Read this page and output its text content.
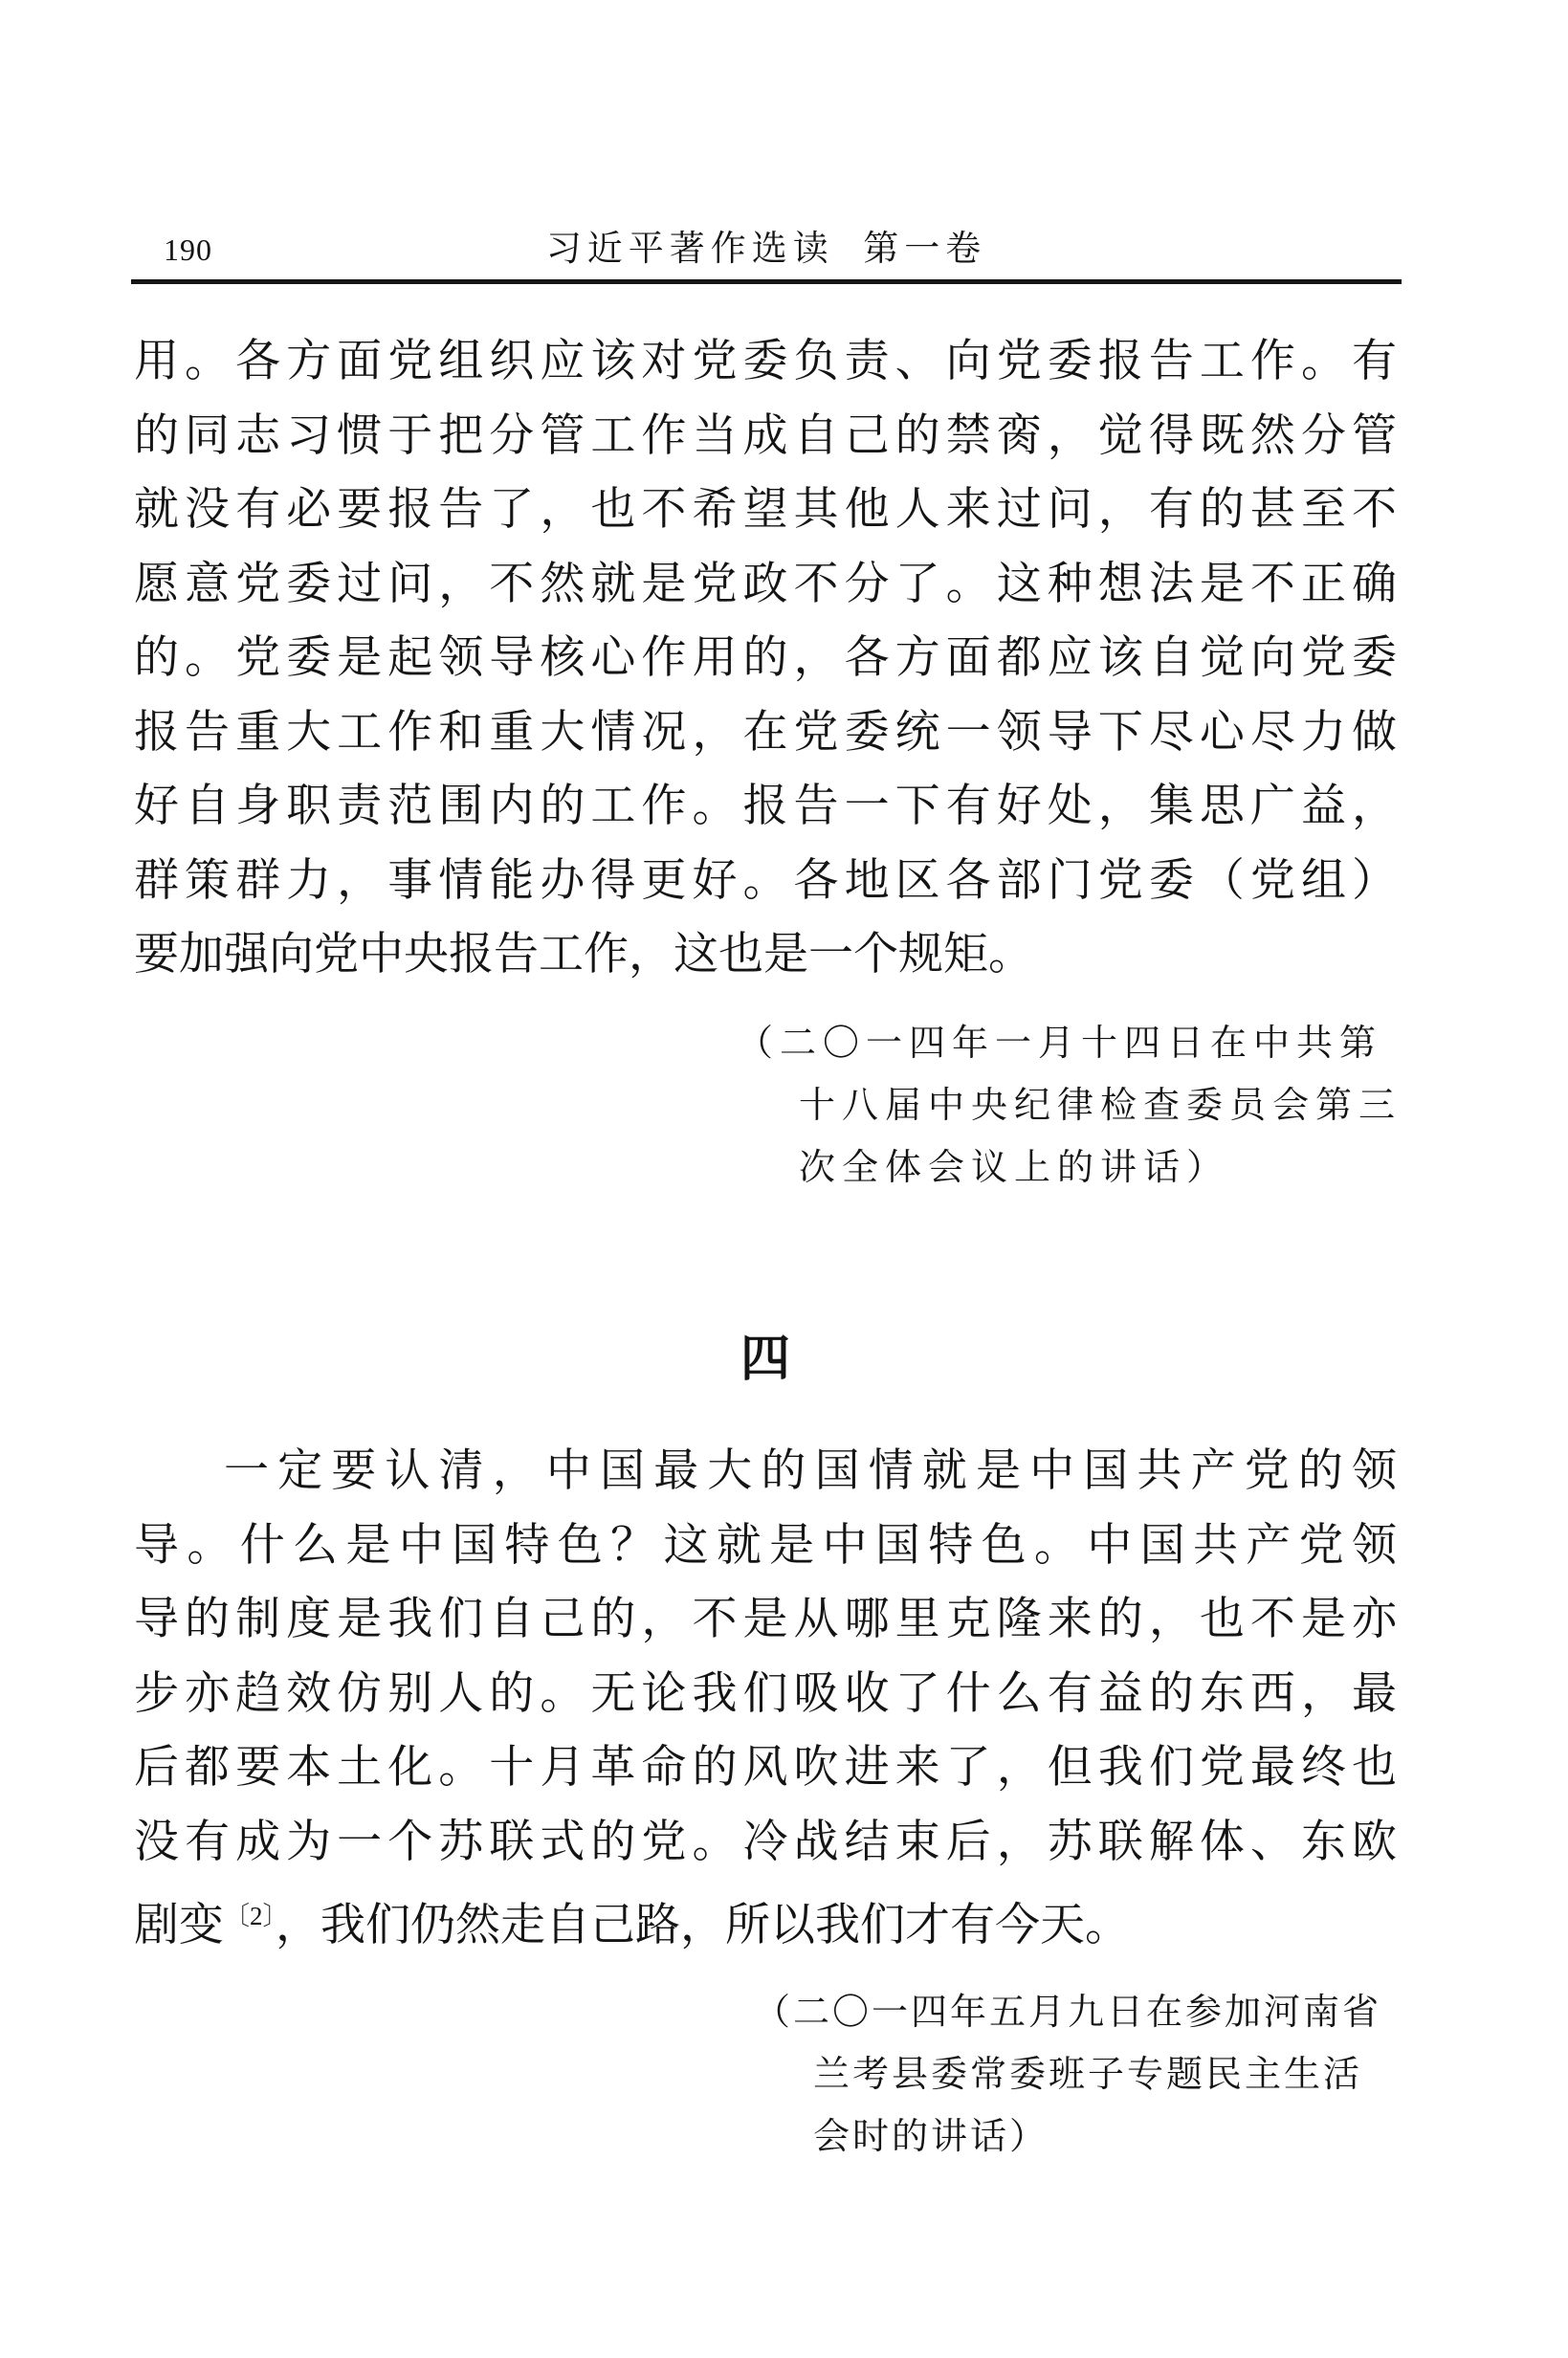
190	习近平著作选读  第一卷
用。各方面党组织应该对党委负责、向党委报告工作。有
的同志习惯于把分管工作当成自己的禁脔，觉得既然分管
就没有必要报告了，也不希望其他人来过问，有的甚至不
愿意党委过问，不然就是党政不分了。这种想法是不正确
的。党委是起领导核心作用的，各方面都应该自觉向党委
报告重大工作和重大情况，在党委统一领导下尽心尽力做
好自身职责范围内的工作。报告一下有好处，集思广益，
群策群力，事情能办得更好。各地区各部门党委（党组）
要加强向党中央报告工作，这也是一个规矩。
（二〇一四年一月十四日在中共第
十八届中央纪律检查委员会第三
次全体会议上的讲话）
四
一定要认清，中国最大的国情就是中国共产党的领
导。什么是中国特色？这就是中国特色。中国共产党领
导的制度是我们自己的，不是从哪里克隆来的，也不是亦
步亦趋效仿别人的。无论我们吸收了什么有益的东西，最
后都要本土化。十月革命的风吹进来了，但我们党最终也
没有成为一个苏联式的党。冷战结束后，苏联解体、东欧
剧变$^{〔2〕}$，我们仍然走自己路，所以我们才有今天。
（二〇一四年五月九日在参加河南省
兰考县委常委班子专题民主生活
会时的讲话）
